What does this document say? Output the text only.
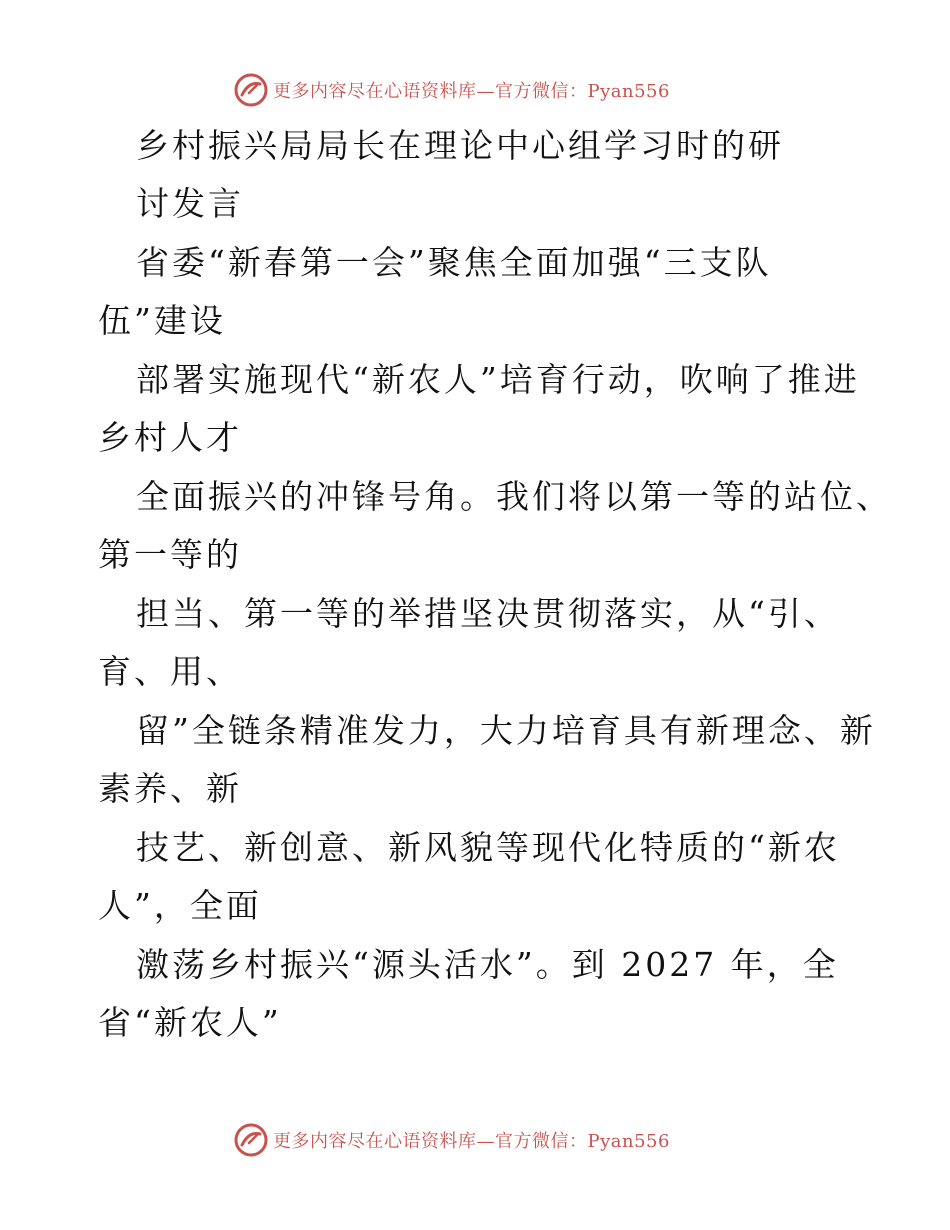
更多内容尽在心语资料库—官方微信：Pyan556

乡村振兴局局长在理论中心组学习时的研

讨发言

省委“新春第一会”聚焦全面加强“三支队

伍”建设

部署实施现代“新农人”培育行动，吹响了推进

乡村人才

全面振兴的冲锋号角。我们将以第一等的站位、

第一等的

担当、第一等的举措坚决贯彻落实，从“引、

育、用、

留”全链条精准发力，大力培育具有新理念、新

素养、新

技艺、新创意、新风貌等现代化特质的“新农

人”，全面

激荡乡村振兴“源头活水”。到 2027 年，全

省“新农人”

更多内容尽在心语资料库—官方微信：Pyan556
